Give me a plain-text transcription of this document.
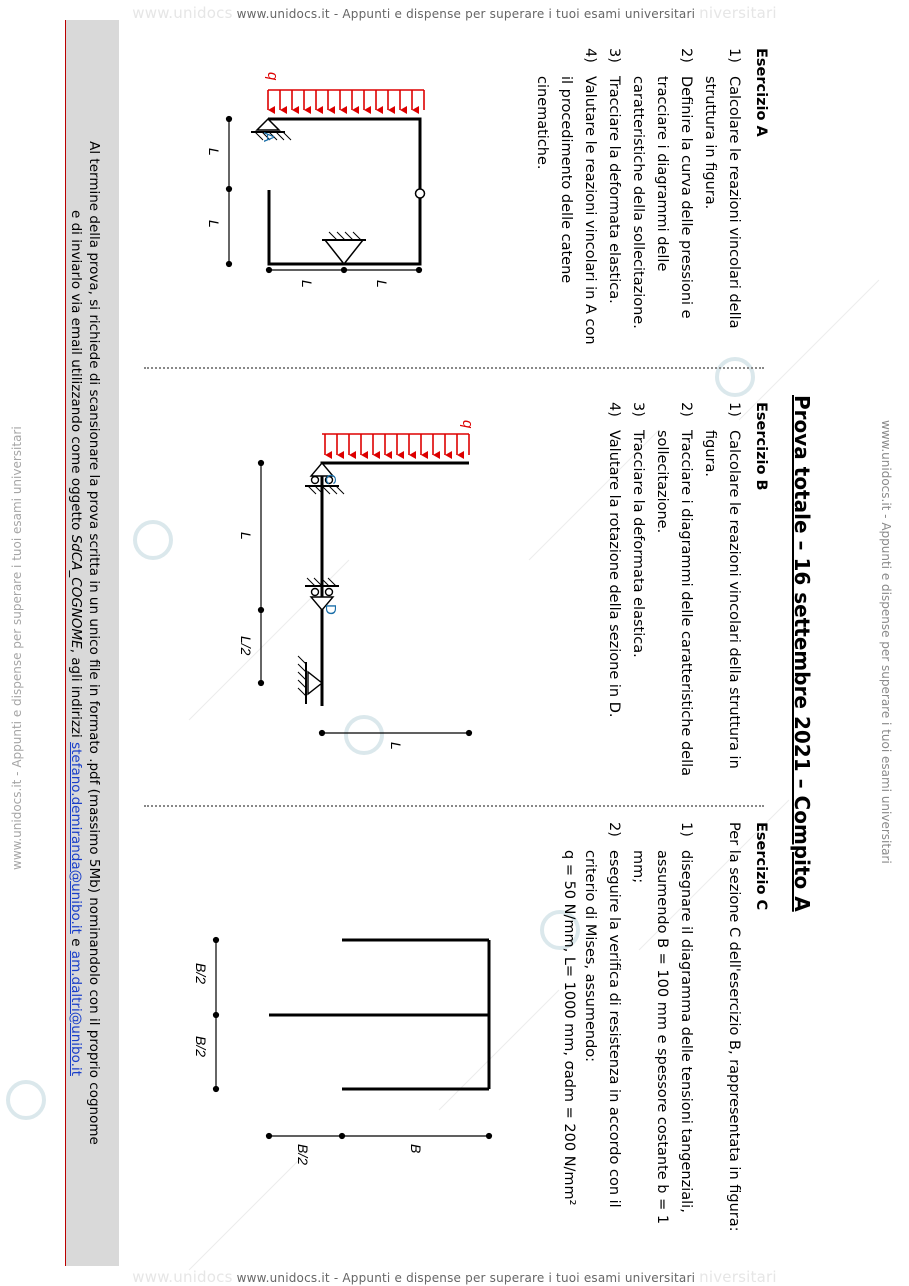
www.unidocs www.unidocs.it - Appunti e dispense per superare i tuoi esami universitari niversitari
www.unidocs www.unidocs.it - Appunti e dispense per superare i tuoi esami universitari niversitari
www.unidocs.it - Appunti e dispense per superare i tuoi esami universitari
www.unidocs.it - Appunti e dispense per superare i tuoi esami universitari
q
A
L
L
L
L
q
C
D
L
L/2
L
B/2
B/2
B
B/2
Prova totale – 16 settembre 2021 – Compito A
Esercizio A
1)
Calcolare le reazioni vincolari della struttura in figura.
2)
Definire la curva delle pressioni e tracciare i diagrammi delle caratteristiche della sollecitazione.
3)
Tracciare la deformata elastica.
4)
Valutare le reazioni vincolari in A con il procedimento delle catene cinematiche.
Esercizio B
1)
Calcolare le reazioni vincolari della struttura in figura.
2)
Tracciare i diagrammi delle caratteristiche della sollecitazione.
3)
Tracciare la deformata elastica.
4)
Valutare la rotazione della sezione in D.
Esercizio C
Per la sezione C dell'esercizio B, rappresentata in figura:
1)
disegnare il diagramma delle tensioni tangenziali, assumendo B = 100 mm e spessore costante b = 1 mm;
2)
eseguire la verifica di resistenza in accordo con il criterio di Mises, assumendo:
q = 50 N/mm, L= 1000 mm, σadm = 200 N/mm²
Al termine della prova, si richiede di scansionare la prova scritta in un unico file in formato .pdf (massimo 5Mb) nominandolo con il proprio cognome
e di inviarlo via email utilizzando come oggetto SdCA_COGNOME, agli indirizzi stefano.demiranda@unibo.it e am.daltri@unibo.it
